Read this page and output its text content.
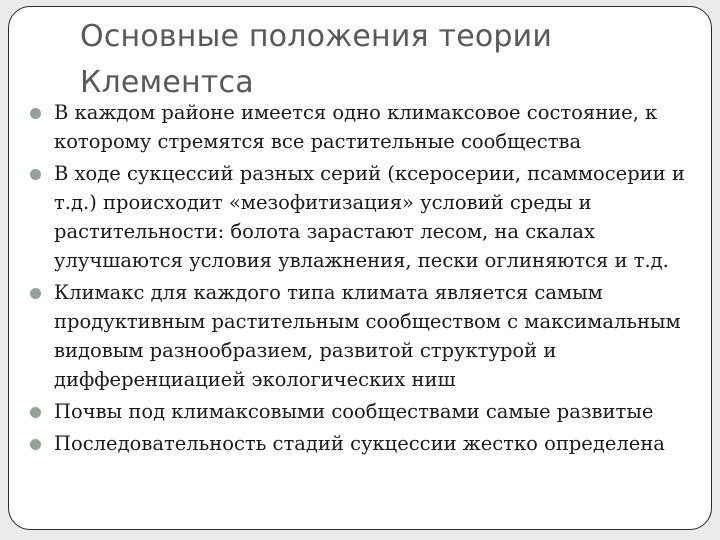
Основные положения теории Клементса
В каждом районе имеется одно климаксовое состояние, к которому стремятся все растительные сообщества
В ходе сукцессий разных серий (ксеросерии, псаммосерии и т.д.) происходит «мезофитизация» условий среды и растительности: болота зарастают лесом, на скалах улучшаются условия увлажнения, пески оглиняются и т.д.
Климакс для каждого типа климата является самым продуктивным растительным сообществом с максимальным видовым разнообразием, развитой структурой и дифференциацией экологических ниш
Почвы под климаксовыми сообществами самые развитые
Последовательность стадий сукцессии жестко определена
